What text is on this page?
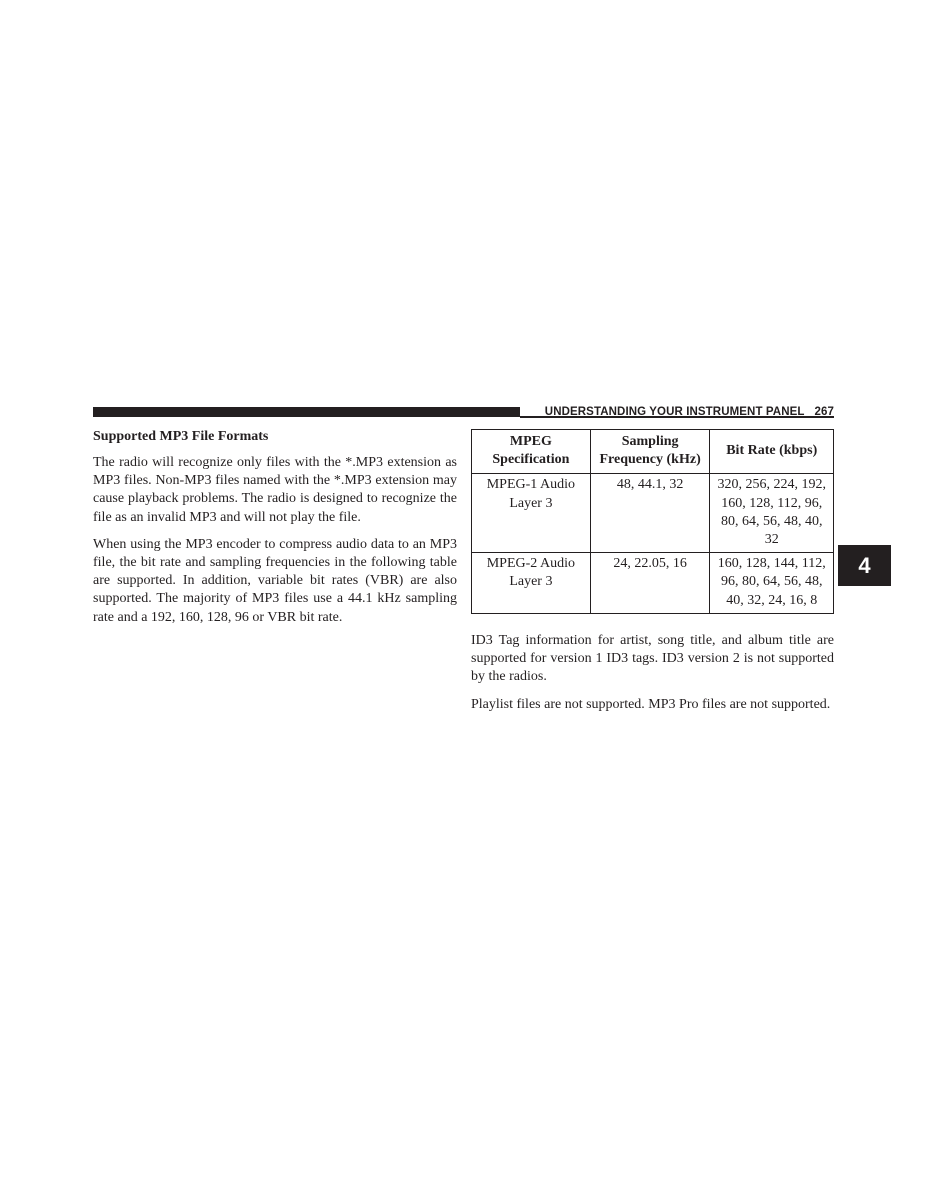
UNDERSTANDING YOUR INSTRUMENT PANEL 267
4
Supported MP3 File Formats

The radio will recognize only files with the *.MP3 extension as MP3 files. Non-MP3 files named with the *.MP3 extension may cause playback problems. The radio is designed to recognize the file as an invalid MP3 and will not play the file.

When using the MP3 encoder to compress audio data to an MP3 file, the bit rate and sampling frequencies in the following table are supported. In addition, variable bit rates (VBR) are also supported. The majority of MP3 files use a 44.1 kHz sampling rate and a 192, 160, 128, 96 or VBR bit rate.

MPEG Specification	Sampling Frequency (kHz)	Bit Rate (kbps)
MPEG-1 Audio Layer 3	48, 44.1, 32	320, 256, 224, 192, 160, 128, 112, 96, 80, 64, 56, 48, 40, 32
MPEG-2 Audio Layer 3	24, 22.05, 16	160, 128, 144, 112, 96, 80, 64, 56, 48, 40, 32, 24, 16, 8

ID3 Tag information for artist, song title, and album title are supported for version 1 ID3 tags. ID3 version 2 is not supported by the radios.

Playlist files are not supported. MP3 Pro files are not supported.
